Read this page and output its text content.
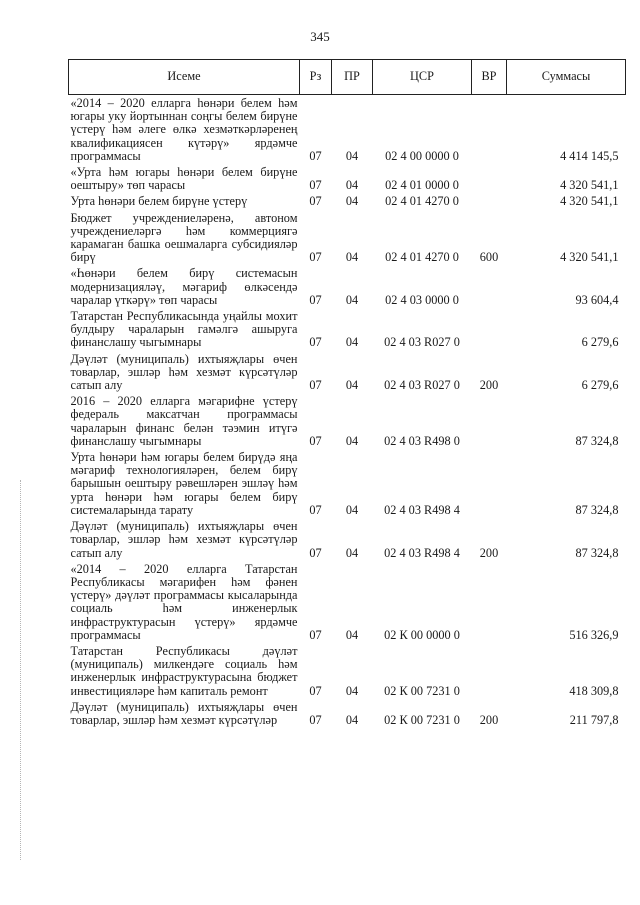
345
Исеме	Рз	ПР	ЦСР	ВР	Суммасы
«2014 – 2020 елларга һөнәри белем һәм югары уку йортыннан соңгы белем бирүне үстерү һәм әлеге өлкә хезмәткәрләренең квалификациясен күтәрү» ярдәмче программасы	07	04	02 4 00 0000 0		4 414 145,5
«Урта һәм югары һөнәри белем бирүне оештыру» төп чарасы	07	04	02 4 01 0000 0		4 320 541,1
Урта һөнәри белем бирүне үстерү	07	04	02 4 01 4270 0		4 320 541,1
Бюджет учреждениеләренә, автоном учреждениеләргә һәм коммерциягә карамаган башка оешмаларга субсидияләр бирү	07	04	02 4 01 4270 0	600	4 320 541,1
«Һөнәри белем бирү системасын модернизацияләү, мәгариф өлкәсендә чаралар үткәрү» төп чарасы	07	04	02 4 03 0000 0		93 604,4
Татарстан Республикасында уңайлы мохит булдыру чараларын гамәлгә ашыруга финанслашу чыгымнары	07	04	02 4 03 R027 0		6 279,6
Дәүләт (муниципаль) ихтыяҗлары өчен товарлар, эшләр һәм хезмәт күрсәтүләр сатып алу	07	04	02 4 03 R027 0	200	6 279,6
2016 – 2020 елларга мәгарифне үстерү федераль максатчан программасы чараларын финанс белән тәэмин итүгә финанслашу чыгымнары	07	04	02 4 03 R498 0		87 324,8
Урта һөнәри һәм югары белем бирүдә яңа мәгариф технологияләрен, белем бирү барышын оештыру рәвешләрен эшләү һәм урта һөнәри һәм югары белем бирү системаларында тарату	07	04	02 4 03 R498 4		87 324,8
Дәүләт (муниципаль) ихтыяҗлары өчен товарлар, эшләр һәм хезмәт күрсәтүләр сатып алу	07	04	02 4 03 R498 4	200	87 324,8
«2014 – 2020 елларга Татарстан Республикасы мәгарифен һәм фәнен үстерү» дәүләт программасы кысаларында социаль һәм инженерлык инфраструктурасын үстерү» ярдәмче программасы	07	04	02 К 00 0000 0		516 326,9
Татарстан Республикасы дәүләт (муниципаль) милкендәге социаль һәм инженерлык инфраструктурасына бюджет инвестицияләре һәм капиталь ремонт	07	04	02 К 00 7231 0		418 309,8
Дәүләт (муниципаль) ихтыяҗлары өчен товарлар, эшләр һәм хезмәт күрсәтүләр	07	04	02 К 00 7231 0	200	211 797,8
